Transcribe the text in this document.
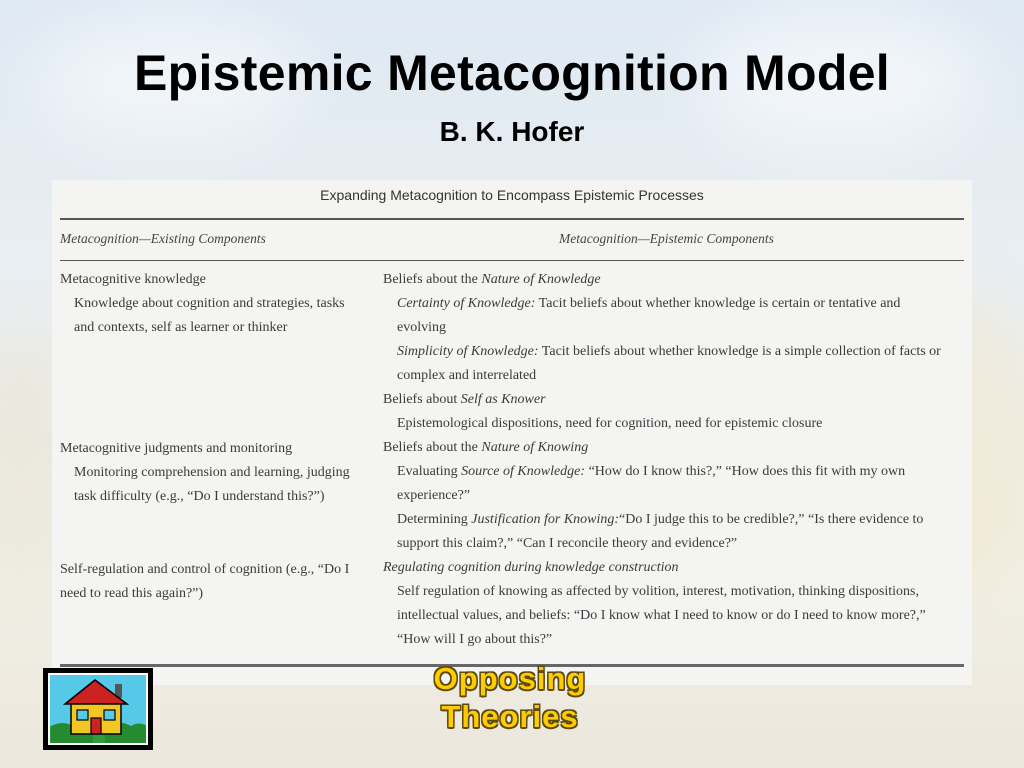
Epistemic Metacognition Model
B. K. Hofer
Expanding Metacognition to Encompass Epistemic Processes
Metacognition—Existing Components	Metacognition—Epistemic Components
Metacognitive knowledge
Knowledge about cognition and strategies, tasks
and contexts, self as learner or thinker
Metacognitive judgments and monitoring
Monitoring comprehension and learning, judging
task difficulty (e.g., “Do I understand this?”)
Self-regulation and control of cognition (e.g., “Do I
need to read this again?”)
Beliefs about the Nature of Knowledge
Certainty of Knowledge: Tacit beliefs about whether knowledge is certain or tentative and
evolving
Simplicity of Knowledge: Tacit beliefs about whether knowledge is a simple collection of facts or
complex and interrelated
Beliefs about Self as Knower
Epistemological dispositions, need for cognition, need for epistemic closure
Beliefs about the Nature of Knowing
Evaluating Source of Knowledge: “How do I know this?,” “How does this fit with my own
experience?”
Determining Justification for Knowing:“Do I judge this to be credible?,” “Is there evidence to
support this claim?,” “Can I reconcile theory and evidence?”
Regulating cognition during knowledge construction
Self regulation of knowing as affected by volition, interest, motivation, thinking dispositions,
intellectual values, and beliefs: “Do I know what I need to know or do I need to know more?,”
“How will I go about this?”
Opposing
Theories
